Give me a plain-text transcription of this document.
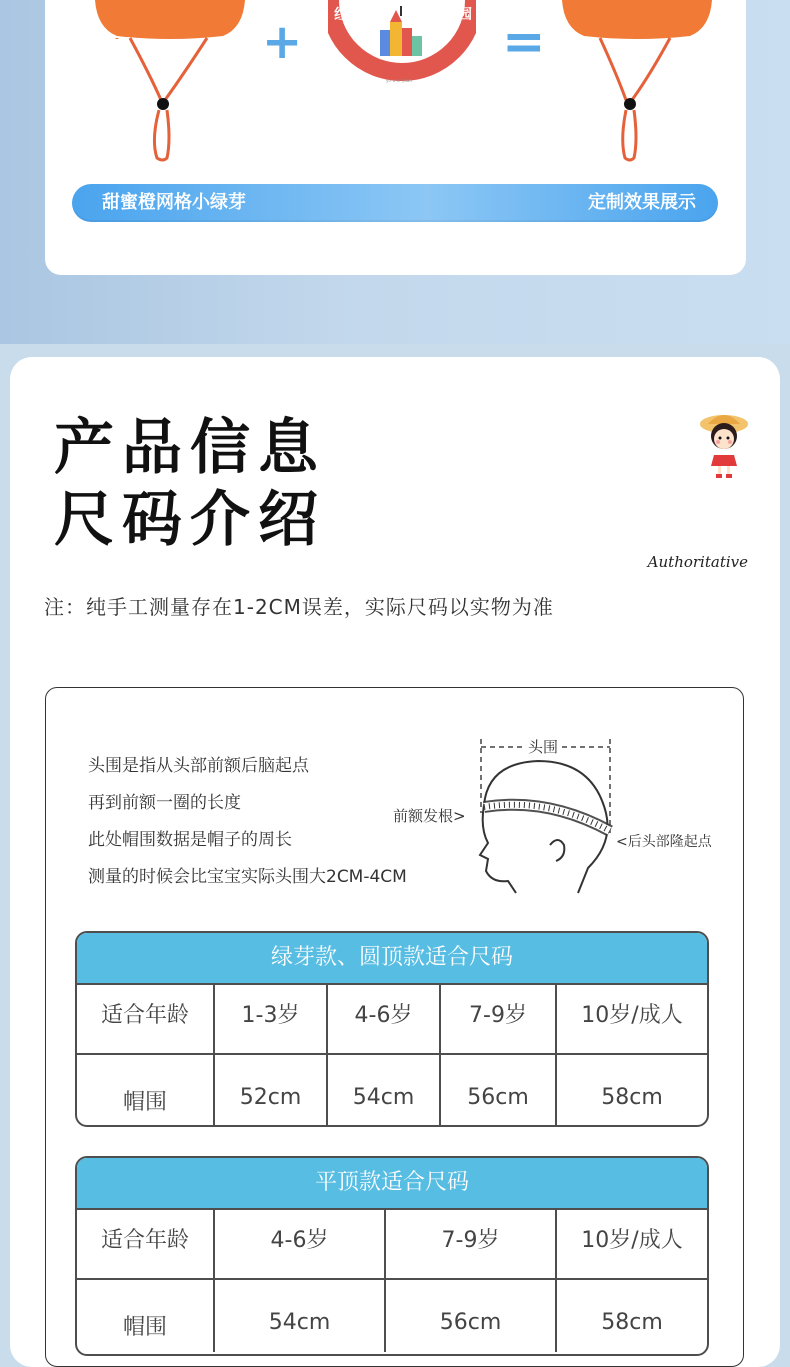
+	幼 儿 园
yo`u er yuan
红	园
HONG LIAN YOU ER YUAN
=
甜蜜橙网格小绿芽	定制效果展示
产品信息
尺码介绍
Authoritative
注：纯手工测量存在1-2CM误差，实际尺码以实物为准
头围是指从头部前额后脑起点
再到前额一圈的长度
此处帽围数据是帽子的周长
测量的时候会比宝宝实际头围大2CM-4CM
头围
前额发根>
<后头部隆起点
绿芽款、圆顶款适合尺码
适合年龄	1-3岁	4-6岁	7-9岁	10岁/成人
帽围	52cm	54cm	56cm	58cm
平顶款适合尺码
适合年龄	4-6岁	7-9岁	10岁/成人
帽围	54cm	56cm	58cm
